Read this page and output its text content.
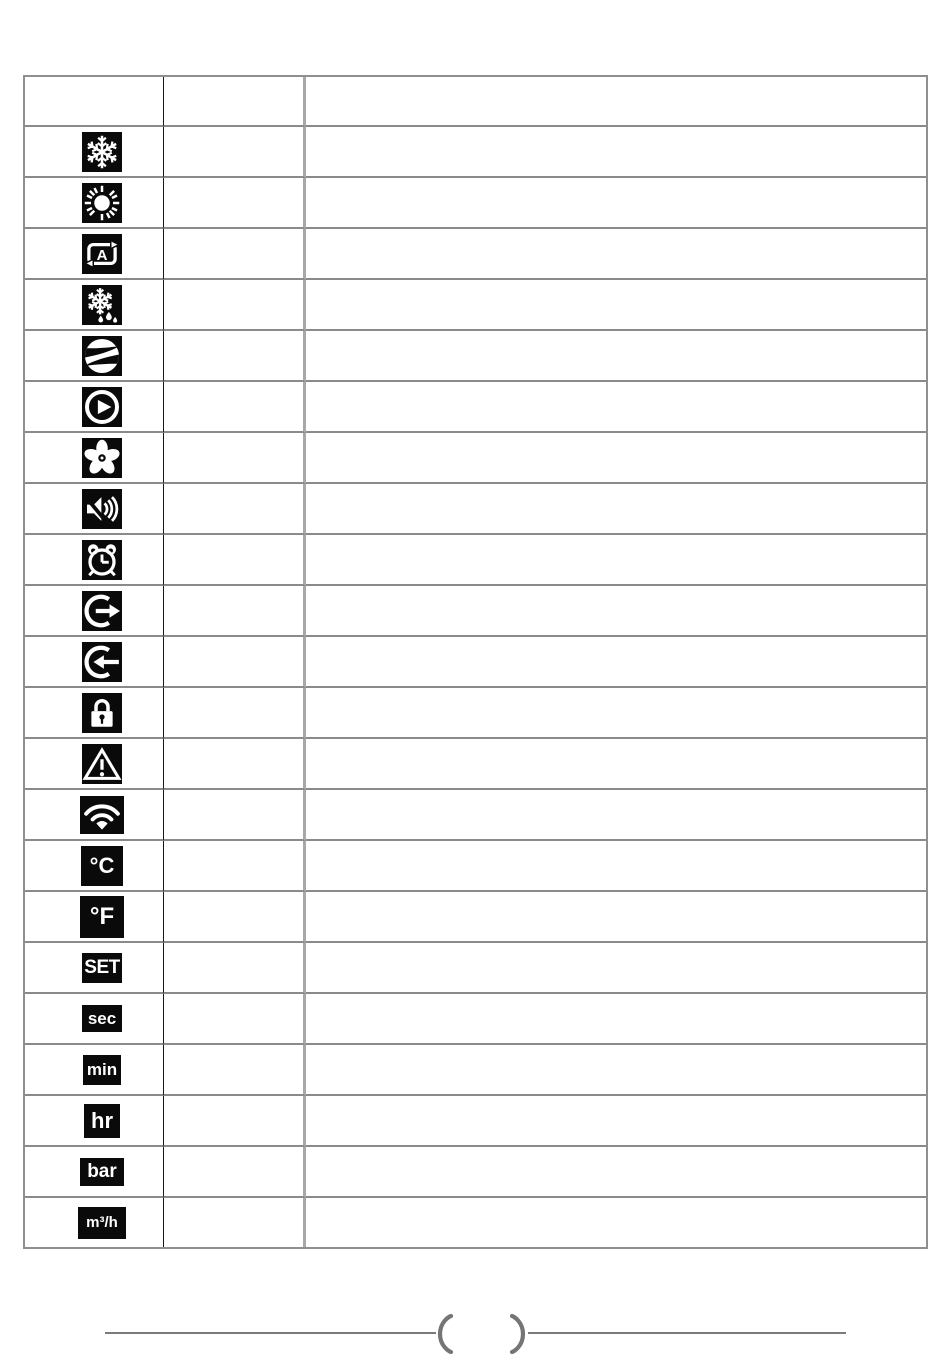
A		

°C		
°F		
SET		
sec		
min		
hr		
bar		
m³/h		
